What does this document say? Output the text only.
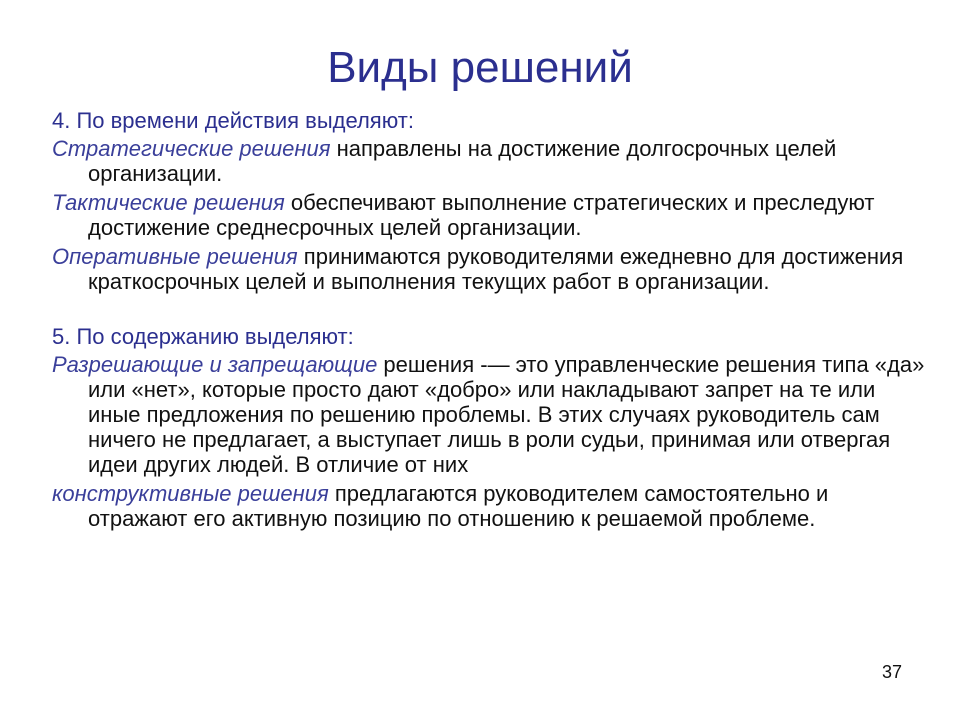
Виды решений

4. По времени действия выделяют:

Стратегические решения направлены на достижение долгосрочных целей организации.

Тактические решения обеспечивают выполнение стратегических и преследуют достижение среднесрочных целей организации.

Оперативные решения принимаются руководителями ежедневно для достижения краткосрочных целей и выполнения текущих работ в организации.

5. По содержанию выделяют:

Разрешающие и запрещающие решения -— это управленческие решения типа «да» или «нет», которые просто дают «добро» или накладывают запрет на те или иные предложения по решению проблемы. В этих случаях руководитель сам ничего не предлагает, а выступает лишь в роли судьи, принимая или отвергая идеи других людей. В отличие от них

конструктивные решения предлагаются руководителем самостоятельно и отражают его активную позицию по отношению к решаемой проблеме.

37
